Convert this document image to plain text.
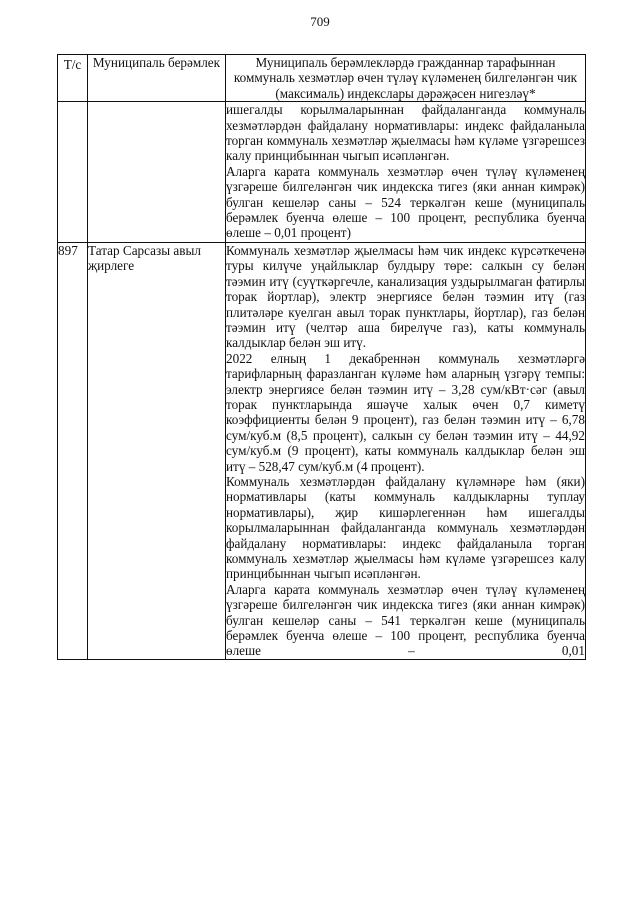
709
Т/с	Муниципаль берәмлек	Муниципаль берәмлекләрдә гражданнар тарафыннан коммуналь хезмәтләр өчен түләү күләменең билгеләнгән чик (максималь) индекслары дәрәҗәсен нигезләү*

		ишегалды корылмаларыннан файдаланганда коммуналь хезмәтләрдән файдалану нормативлары: индекс файдаланыла торган коммуналь хезмәтләр җыелмасы һәм күләме үзгәрешсез калу принцибыннан чыгып исәпләнгән.

Аларга карата коммуналь хезмәтләр өчен түләү күләменең үзгәреше билгеләнгән чик индекска тигез (яки аннан кимрәк) булган кешеләр саны – 524 теркәлгән кеше (муниципаль берәмлек буенча өлеше – 100 процент, республика буенча өлеше – 0,01 процент)

897	Татар Сарсазы авыл җирлеге	Коммуналь хезмәтләр җыелмасы һәм чик индекс күрсәткеченә туры килүче уңайлыклар булдыру төре: салкын су белән тәэмин итү (суүткәргечле, канализация уздырылмаган фатирлы торак йортлар), электр энергиясе белән тәэмин итү (газ плитәләре куелган авыл торак пунктлары, йортлар), газ белән тәэмин итү (челтәр аша бирелүче газ), каты коммуналь калдыклар белән эш итү.

2022 елның 1 декабреннән коммуналь хезмәтләргә тарифларның фаразланган күләме һәм аларның үзгәрү темпы: электр энергиясе белән тәэмин итү – 3,28 сум/кВт·сәг (авыл торак пунктларында яшәүче халык өчен 0,7 киметү коэффициенты белән 9 процент), газ белән тәэмин итү – 6,78 сум/куб.м (8,5 процент), салкын су белән тәэмин итү – 44,92 сум/куб.м (9 процент), каты коммуналь калдыклар белән эш итү – 528,47 сум/куб.м (4 процент).

Коммуналь хезмәтләрдән файдалану күләмнәре һәм (яки) нормативлары (каты коммуналь калдыкларны туплау нормативлары), җир кишәрлегеннән һәм ишегалды корылмаларыннан файдаланганда коммуналь хезмәтләрдән файдалану нормативлары: индекс файдаланыла торган коммуналь хезмәтләр җыелмасы һәм күләме үзгәрешсез калу принцибыннан чыгып исәпләнгән.

Аларга карата коммуналь хезмәтләр өчен түләү күләменең үзгәреше билгеләнгән чик индекска тигез (яки аннан кимрәк) булган кешеләр саны – 541 теркәлгән кеше (муниципаль берәмлек буенча өлеше – 100 процент, республика буенча өлеше – 0,01
